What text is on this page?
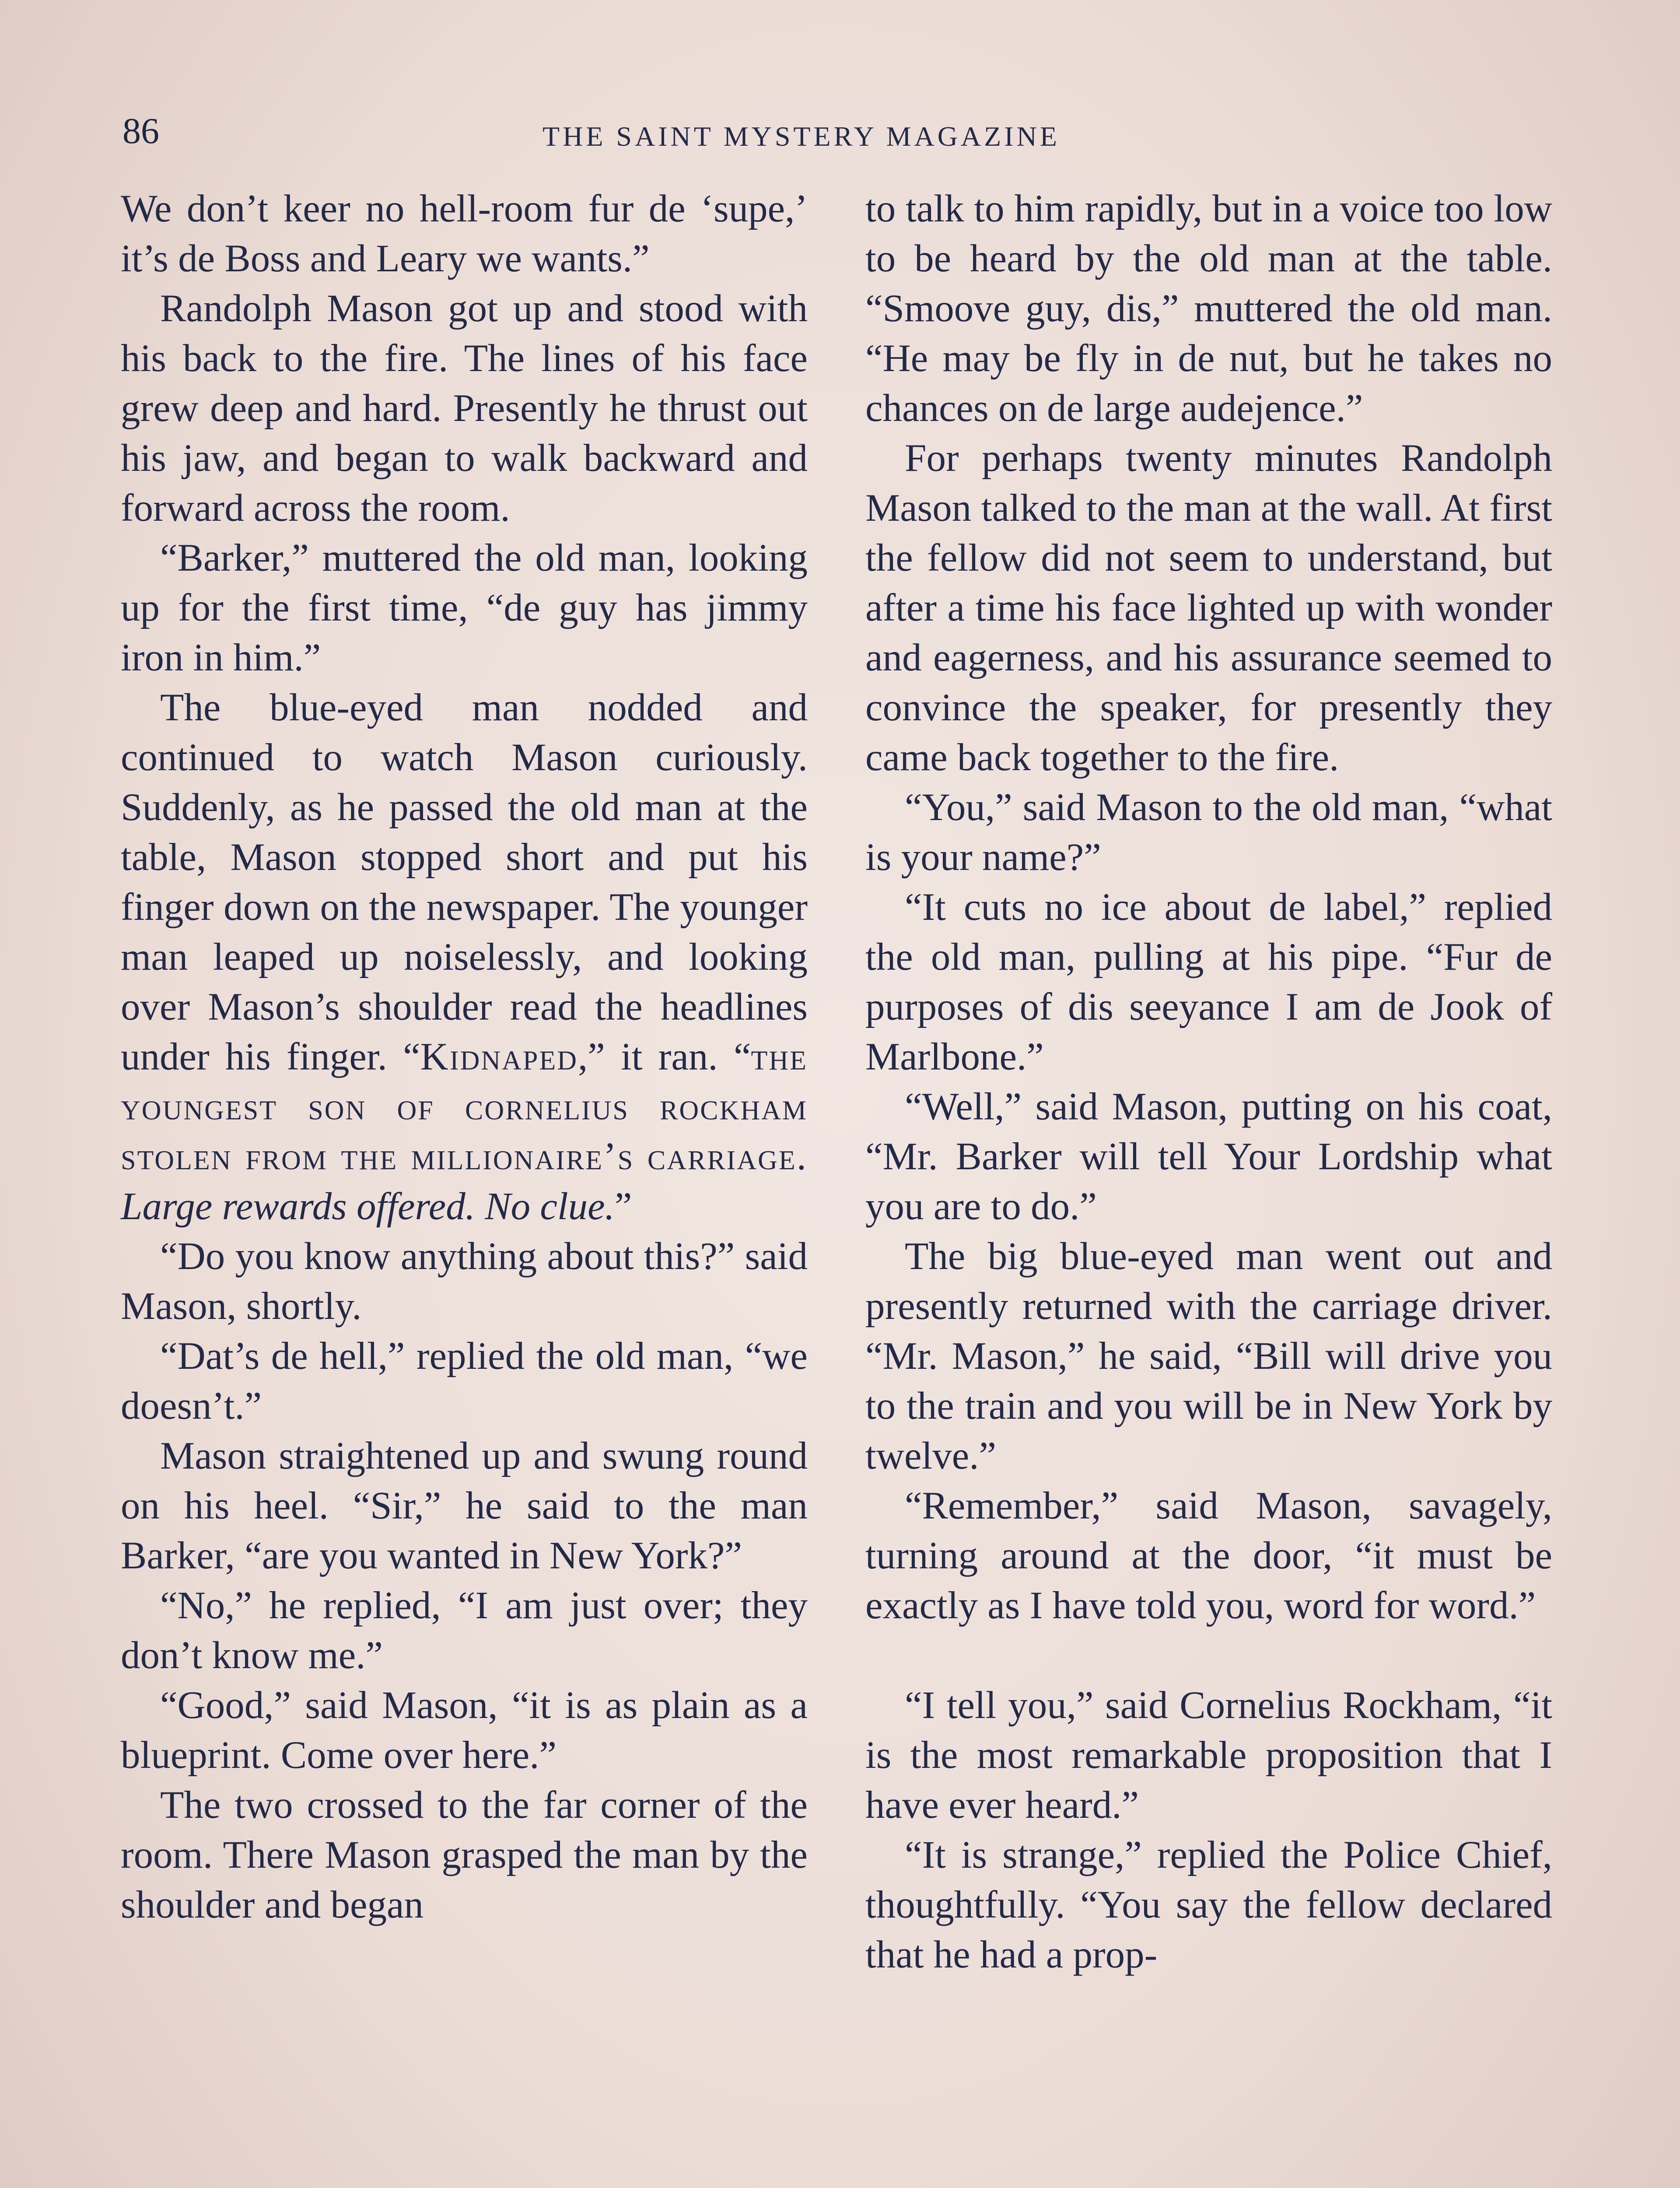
86	THE SAINT MYSTERY MAGAZINE

We don’t keer no hell-room fur de ‘supe,’ it’s de Boss and Leary we wants.”

Randolph Mason got up and stood with his back to the fire. The lines of his face grew deep and hard. Presently he thrust out his jaw, and began to walk backward and forward across the room.

“Barker,” muttered the old man, looking up for the first time, “de guy has jimmy iron in him.”

The blue-eyed man nodded and continued to watch Mason curiously. Suddenly, as he passed the old man at the table, Mason stopped short and put his finger down on the newspaper. The younger man leaped up noiselessly, and looking over Mason’s shoulder read the headlines under his finger. “Kidnaped,” it ran. “the youngest son of cornelius rockham stolen from the millionaire’s carriage. Large rewards offered. No clue.”

“Do you know anything about this?” said Mason, shortly.

“Dat’s de hell,” replied the old man, “we doesn’t.”

Mason straightened up and swung round on his heel. “Sir,” he said to the man Barker, “are you wanted in New York?”

“No,” he replied, “I am just over; they don’t know me.”

“Good,” said Mason, “it is as plain as a blueprint. Come over here.”

The two crossed to the far corner of the room. There Mason grasped the man by the shoulder and began

to talk to him rapidly, but in a voice too low to be heard by the old man at the table. “Smoove guy, dis,” muttered the old man. “He may be fly in de nut, but he takes no chances on de large audejence.”

For perhaps twenty minutes Randolph Mason talked to the man at the wall. At first the fellow did not seem to understand, but after a time his face lighted up with wonder and eagerness, and his assurance seemed to convince the speaker, for presently they came back together to the fire.

“You,” said Mason to the old man, “what is your name?”

“It cuts no ice about de label,” replied the old man, pulling at his pipe. “Fur de purposes of dis seeyance I am de Jook of Marlbone.”

“Well,” said Mason, putting on his coat, “Mr. Barker will tell Your Lordship what you are to do.”

The big blue-eyed man went out and presently returned with the carriage driver. “Mr. Mason,” he said, “Bill will drive you to the train and you will be in New York by twelve.”

“Remember,” said Mason, savagely, turning around at the door, “it must be exactly as I have told you, word for word.”

“I tell you,” said Cornelius Rockham, “it is the most remarkable proposition that I have ever heard.”

“It is strange,” replied the Police Chief, thoughtfully. “You say the fellow declared that he had a prop-
